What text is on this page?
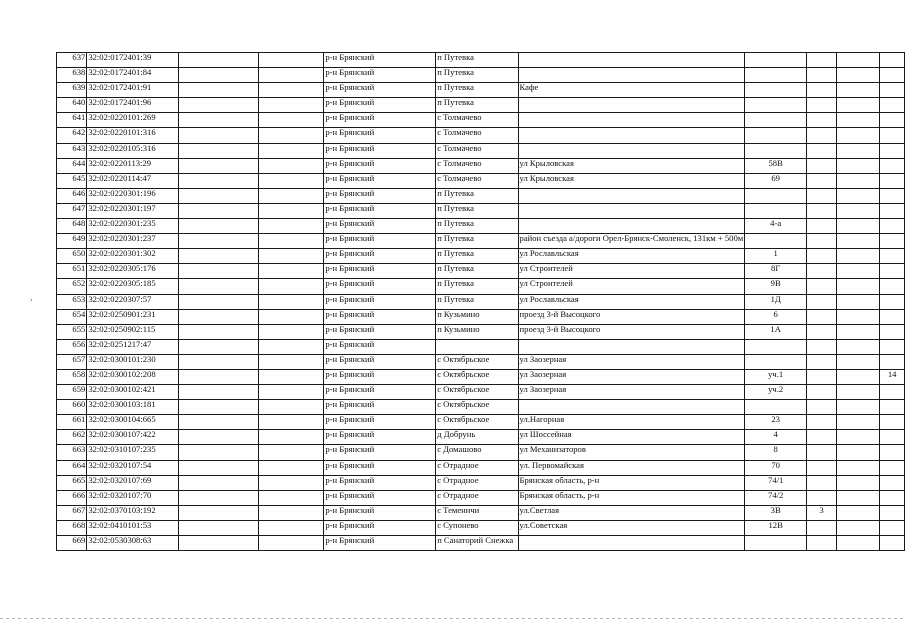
637	32:02:0172401:39			р-н Брянский	п Путевка					
638	32:02:0172401:84			р-н Брянский	п Путевка					
639	32:02:0172401:91			р-н Брянский	п Путевка	Кафе				
640	32:02:0172401:96			р-н Брянский	п Путевка					
641	32:02:0220101:269			р-н Брянский	с Толмачево					
642	32:02:0220101:316			р-н Брянский	с Толмачево					
643	32:02:0220105:316			р-н Брянский	с Толмачево					
644	32:02:0220113:29			р-н Брянский	с Толмачево	ул Крыловская	58В			
645	32:02:0220114:47			р-н Брянский	с Толмачево	ул Крыловская	69			
646	32:02:0220301:196			р-н Брянский	п Путевка					
647	32:02:0220301:197			р-н Брянский	п Путевка					
648	32:02:0220301:235			р-н Брянский	п Путевка		4-а			
649	32:02:0220301:237			р-н Брянский	п Путевка	район съезда а/дороги Орел-Брянск-Смоленск, 131км + 500м				
650	32:02:0220301:302			р-н Брянский	п Путевка	ул Рославльская	1			
651	32:02:0220305:176			р-н Брянский	п Путевка	ул Строителей	8Г			
652	32:02:0220305:185			р-н Брянский	п Путевка	ул Строителей	9В			
653	32:02:0220307:57			р-н Брянский	п Путевка	ул Рославльская	1Д			
654	32:02:0250901:231			р-н Брянский	п Кузьмино	проезд 3-й Высоцкого	6			
655	32:02:0250902:115			р-н Брянский	п Кузьмино	проезд 3-й Высоцкого	1А			
656	32:02:0251217:47			р-н Брянский						
657	32:02:0300101:230			р-н Брянский	с Октябрьское	ул Заозерная				
658	32:02:0300102:208			р-н Брянский	с Октябрьское	ул Заозерная	уч.1			14
659	32:02:0300102:421			р-н Брянский	с Октябрьское	ул Заозерная	уч.2			
660	32:02:0300103:181			р-н Брянский	с Октябрьское					
661	32:02:0300104:665			р-н Брянский	с Октябрьское	ул.Нагорная	23			
662	32:02:0300107:422			р-н Брянский	д Добрунь	ул Шоссейная	4			
663	32:02:0310107:235			р-н Брянский	с Домашово	ул Механизаторов	8			
664	32:02:0320107:54			р-н Брянский	с Отрадное	ул. Первомайская	70			
665	32:02:0320107:69			р-н Брянский	с Отрадное	Брянская область, р-н	74/1			
666	32:02:0320107:70			р-н Брянский	с Отрадное	Брянская область, р-н	74/2			
667	32:02:0370103:192			р-н Брянский	с Теменичи	ул.Светлая	3В	3		
668	32:02:0410101:53			р-н Брянский	с Супонево	ул.Советская	12В			
669	32:02:0530308:63			р-н Брянский	п Санаторий Снежка					
›
